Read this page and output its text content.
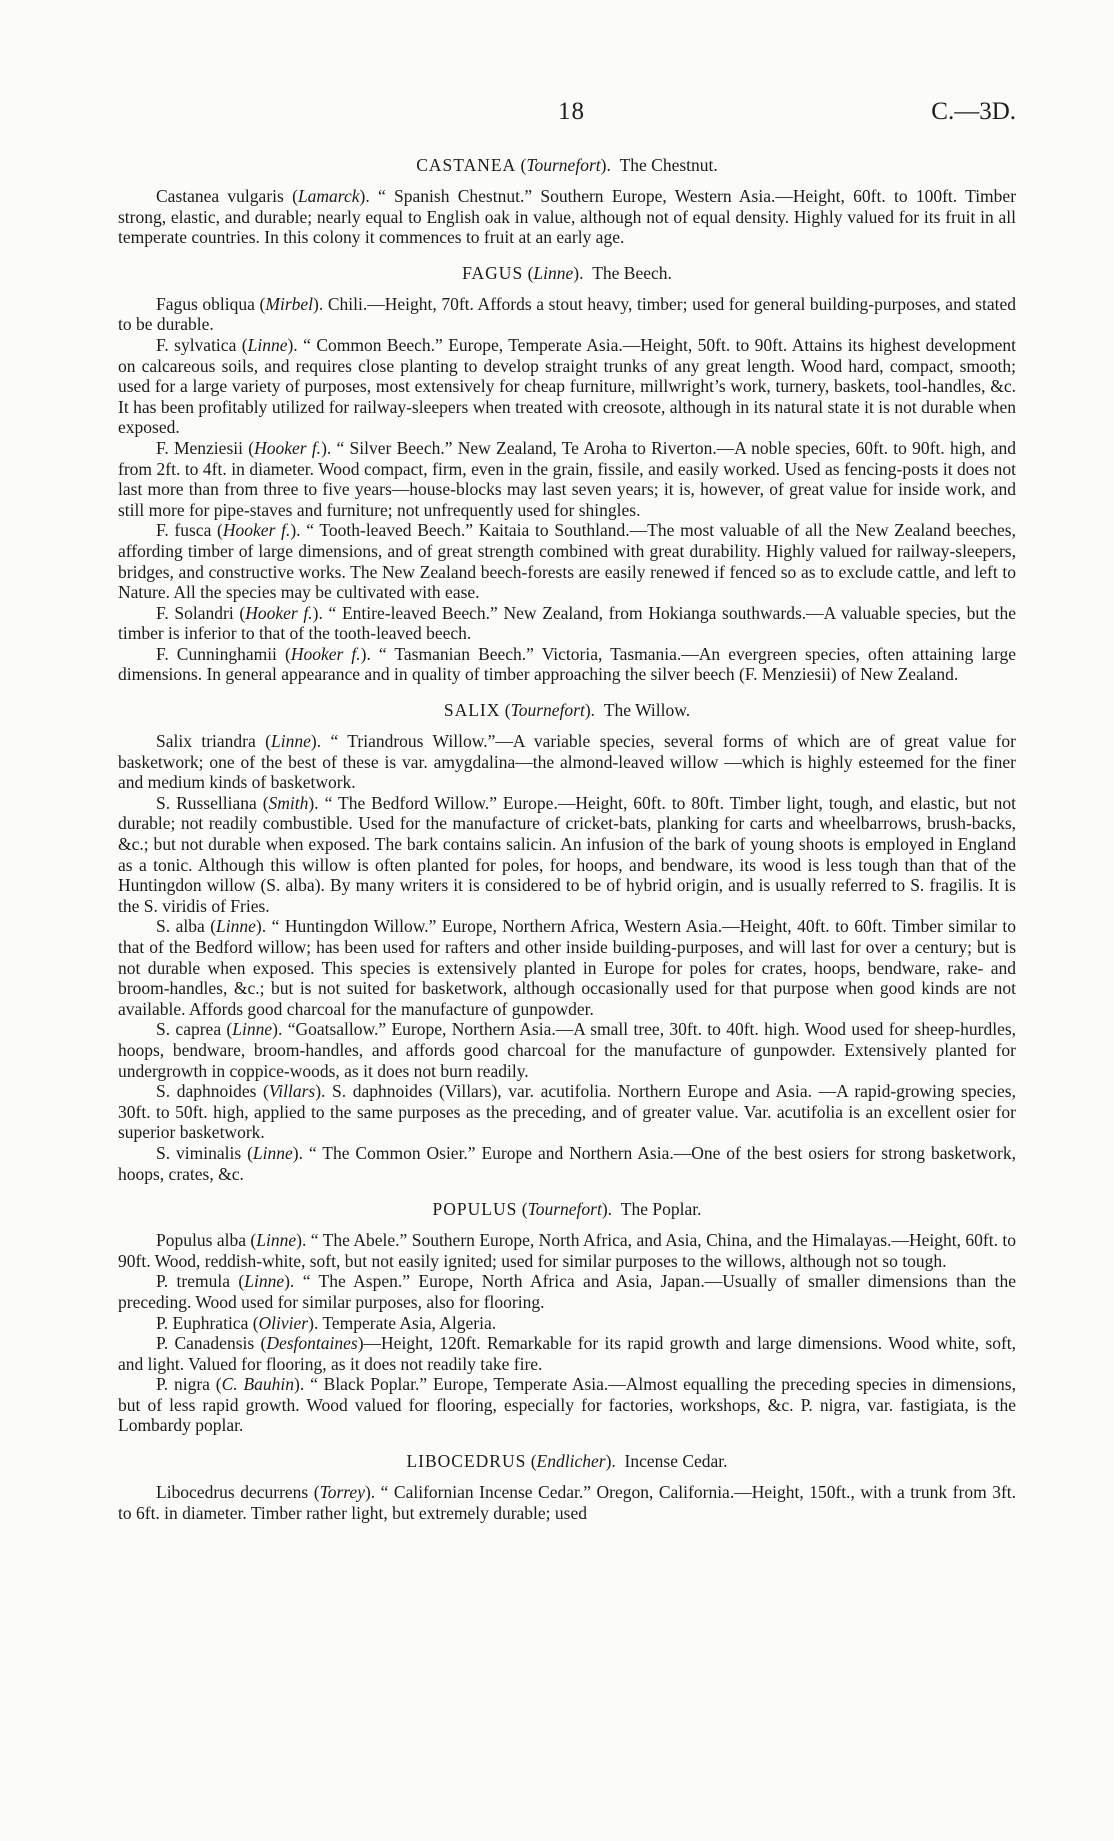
18	C.—3D.
CASTANEA (Tournefort). The Chestnut.

Castanea vulgaris (Lamarck). “ Spanish Chestnut.” Southern Europe, Western Asia.—Height, 60ft. to 100ft. Timber strong, elastic, and durable; nearly equal to English oak in value, although not of equal density. Highly valued for its fruit in all temperate countries. In this colony it commences to fruit at an early age.

FAGUS (Linne). The Beech.

Fagus obliqua (Mirbel). Chili.—Height, 70ft. Affords a stout heavy, timber; used for general building-purposes, and stated to be durable.

F. sylvatica (Linne). “ Common Beech.” Europe, Temperate Asia.—Height, 50ft. to 90ft. Attains its highest development on calcareous soils, and requires close planting to develop straight trunks of any great length. Wood hard, compact, smooth; used for a large variety of purposes, most extensively for cheap furniture, millwright’s work, turnery, baskets, tool-handles, &c. It has been profitably utilized for railway-sleepers when treated with creosote, although in its natural state it is not durable when exposed.

F. Menziesii (Hooker f.). “ Silver Beech.” New Zealand, Te Aroha to Riverton.—A noble species, 60ft. to 90ft. high, and from 2ft. to 4ft. in diameter. Wood compact, firm, even in the grain, fissile, and easily worked. Used as fencing-posts it does not last more than from three to five years—house-blocks may last seven years; it is, however, of great value for inside work, and still more for pipe-staves and furniture; not unfrequently used for shingles.

F. fusca (Hooker f.). “ Tooth-leaved Beech.” Kaitaia to Southland.—The most valuable of all the New Zealand beeches, affording timber of large dimensions, and of great strength combined with great durability. Highly valued for railway-sleepers, bridges, and constructive works. The New Zealand beech-forests are easily renewed if fenced so as to exclude cattle, and left to Nature. All the species may be cultivated with ease.

F. Solandri (Hooker f.). “ Entire-leaved Beech.” New Zealand, from Hokianga southwards.—A valuable species, but the timber is inferior to that of the tooth-leaved beech.

F. Cunninghamii (Hooker f.). “ Tasmanian Beech.” Victoria, Tasmania.—An evergreen species, often attaining large dimensions. In general appearance and in quality of timber approaching the silver beech (F. Menziesii) of New Zealand.

SALIX (Tournefort). The Willow.

Salix triandra (Linne). “ Triandrous Willow.”—A variable species, several forms of which are of great value for basketwork; one of the best of these is var. amygdalina—the almond-leaved willow —which is highly esteemed for the finer and medium kinds of basketwork.

S. Russelliana (Smith). “ The Bedford Willow.” Europe.—Height, 60ft. to 80ft. Timber light, tough, and elastic, but not durable; not readily combustible. Used for the manufacture of cricket-bats, planking for carts and wheelbarrows, brush-backs, &c.; but not durable when exposed. The bark contains salicin. An infusion of the bark of young shoots is employed in England as a tonic. Although this willow is often planted for poles, for hoops, and bendware, its wood is less tough than that of the Huntingdon willow (S. alba). By many writers it is considered to be of hybrid origin, and is usually referred to S. fragilis. It is the S. viridis of Fries.

S. alba (Linne). “ Huntingdon Willow.” Europe, Northern Africa, Western Asia.—Height, 40ft. to 60ft. Timber similar to that of the Bedford willow; has been used for rafters and other inside building-purposes, and will last for over a century; but is not durable when exposed. This species is extensively planted in Europe for poles for crates, hoops, bendware, rake- and broom-handles, &c.; but is not suited for basketwork, although occasionally used for that purpose when good kinds are not available. Affords good charcoal for the manufacture of gunpowder.

S. caprea (Linne). “Goatsallow.” Europe, Northern Asia.—A small tree, 30ft. to 40ft. high. Wood used for sheep-hurdles, hoops, bendware, broom-handles, and affords good charcoal for the manufacture of gunpowder. Extensively planted for undergrowth in coppice-woods, as it does not burn readily.

S. daphnoides (Villars). S. daphnoides (Villars), var. acutifolia. Northern Europe and Asia. —A rapid-growing species, 30ft. to 50ft. high, applied to the same purposes as the preceding, and of greater value. Var. acutifolia is an excellent osier for superior basketwork.

S. viminalis (Linne). “ The Common Osier.” Europe and Northern Asia.—One of the best osiers for strong basketwork, hoops, crates, &c.

POPULUS (Tournefort). The Poplar.

Populus alba (Linne). “ The Abele.” Southern Europe, North Africa, and Asia, China, and the Himalayas.—Height, 60ft. to 90ft. Wood, reddish-white, soft, but not easily ignited; used for similar purposes to the willows, although not so tough.

P. tremula (Linne). “ The Aspen.” Europe, North Africa and Asia, Japan.—Usually of smaller dimensions than the preceding. Wood used for similar purposes, also for flooring.

P. Euphratica (Olivier). Temperate Asia, Algeria.

P. Canadensis (Desfontaines)—Height, 120ft. Remarkable for its rapid growth and large dimensions. Wood white, soft, and light. Valued for flooring, as it does not readily take fire.

P. nigra (C. Bauhin). “ Black Poplar.” Europe, Temperate Asia.—Almost equalling the preceding species in dimensions, but of less rapid growth. Wood valued for flooring, especially for factories, workshops, &c. P. nigra, var. fastigiata, is the Lombardy poplar.

LIBOCEDRUS (Endlicher). Incense Cedar.

Libocedrus decurrens (Torrey). “ Californian Incense Cedar.” Oregon, California.—Height, 150ft., with a trunk from 3ft. to 6ft. in diameter. Timber rather light, but extremely durable; used
